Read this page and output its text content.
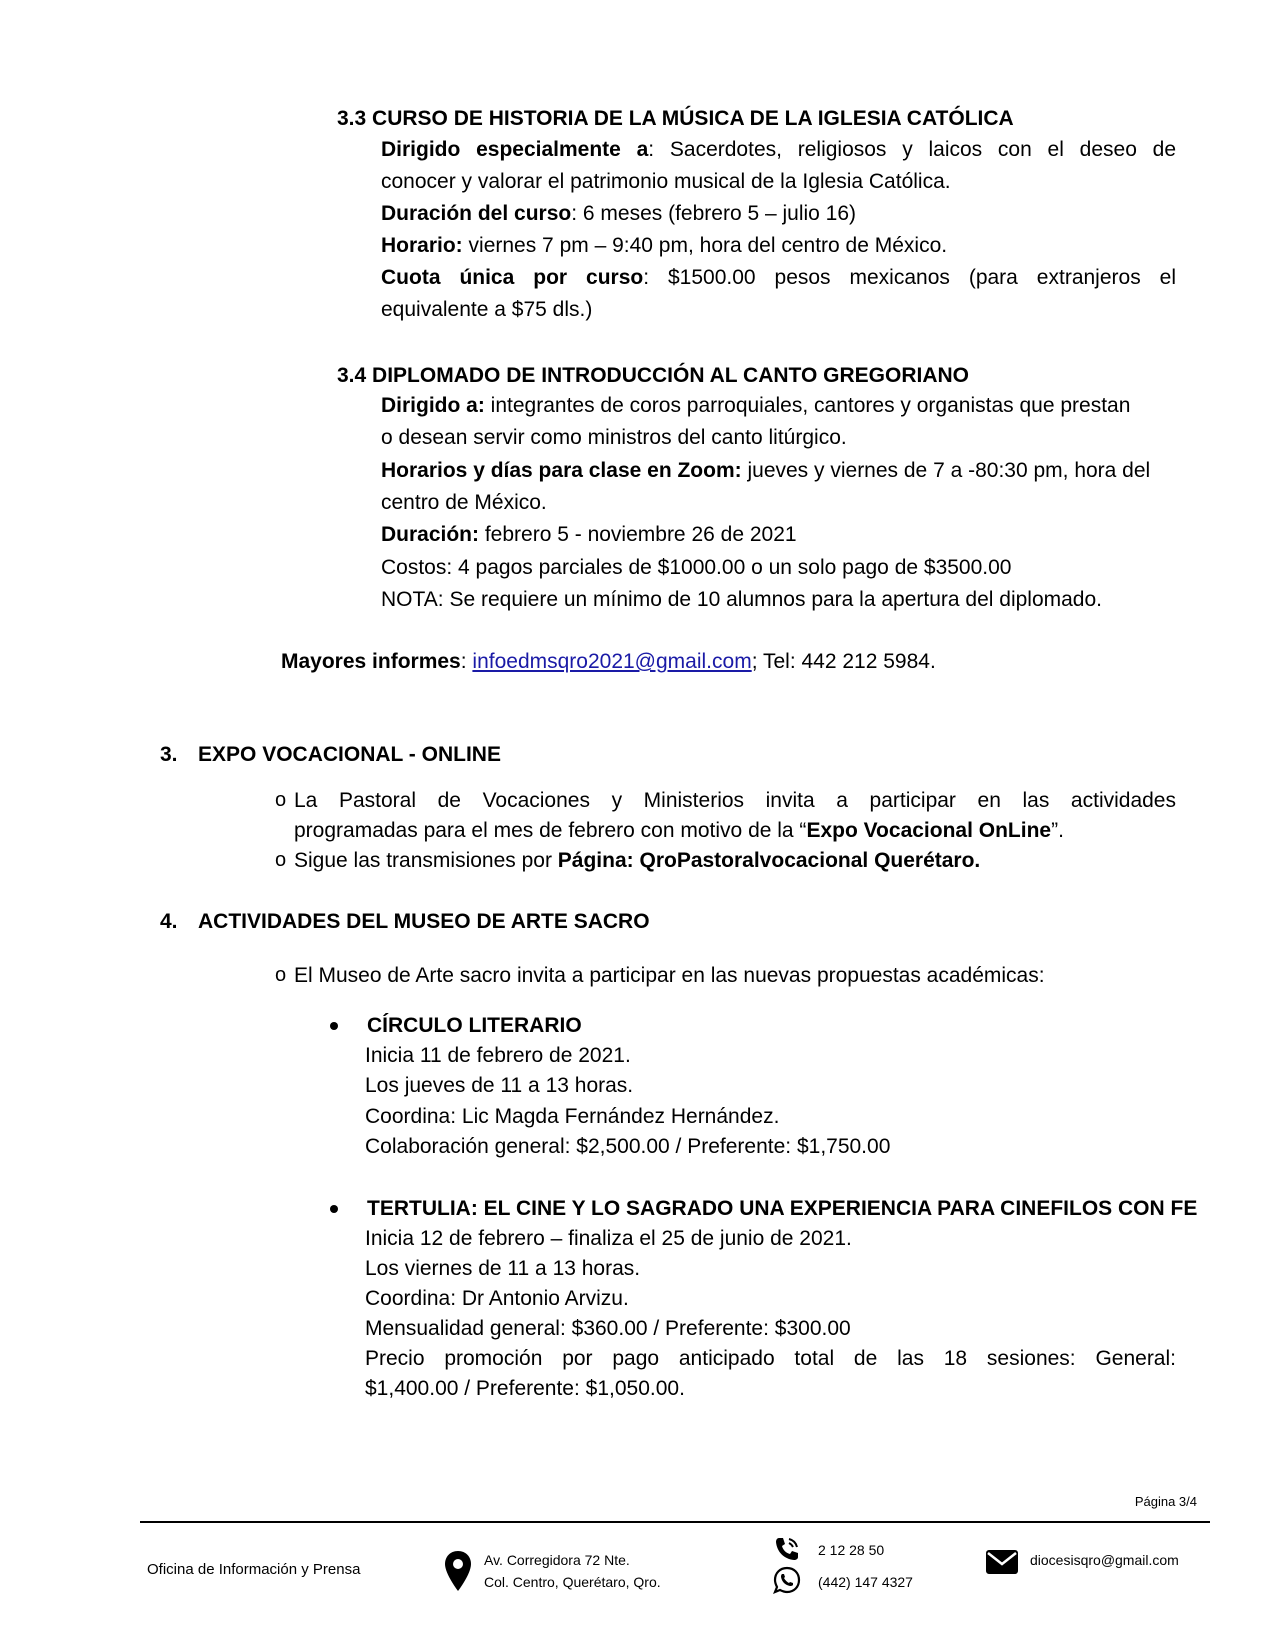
3.3 CURSO DE HISTORIA DE LA MÚSICA DE LA IGLESIA CATÓLICA
Dirigido especialmente a: Sacerdotes, religiosos y laicos con el deseo de
conocer y valorar el patrimonio musical de la Iglesia Católica.
Duración del curso: 6 meses (febrero 5 – julio 16)
Horario: viernes 7 pm – 9:40 pm, hora del centro de México.
Cuota única por curso: $1500.00 pesos mexicanos (para extranjeros el
equivalente a $75 dls.)
3.4 DIPLOMADO DE INTRODUCCIÓN AL CANTO GREGORIANO
Dirigido a: integrantes de coros parroquiales, cantores y organistas que prestan
o desean servir como ministros del canto litúrgico.
Horarios y días para clase en Zoom: jueves y viernes de 7 a -80:30 pm, hora del
centro de México.
Duración: febrero 5 - noviembre 26 de 2021
Costos: 4 pagos parciales de $1000.00 o un solo pago de $3500.00
NOTA: Se requiere un mínimo de 10 alumnos para la apertura del diplomado.
Mayores informes: infoedmsqro2021@gmail.com; Tel: 442 212 5984.
3. EXPO VOCACIONAL - ONLINE
o La Pastoral de Vocaciones y Ministerios invita a participar en las actividades
programadas para el mes de febrero con motivo de la “Expo Vocacional OnLine”.
o Sigue las transmisiones por Página: QroPastoralvocacional Querétaro.
4. ACTIVIDADES DEL MUSEO DE ARTE SACRO
o El Museo de Arte sacro invita a participar en las nuevas propuestas académicas:
CÍRCULO LITERARIO
Inicia 11 de febrero de 2021.
Los jueves de 11 a 13 horas.
Coordina: Lic Magda Fernández Hernández.
Colaboración general: $2,500.00 / Preferente: $1,750.00
TERTULIA: EL CINE Y LO SAGRADO UNA EXPERIENCIA PARA CINEFILOS CON FE
Inicia 12 de febrero – finaliza el 25 de junio de 2021.
Los viernes de 11 a 13 horas.
Coordina: Dr Antonio Arvizu.
Mensualidad general: $360.00 / Preferente: $300.00
Precio promoción por pago anticipado total de las 18 sesiones: General:
$1,400.00 / Preferente: $1,050.00.
Página 3/4
Oficina de Información y Prensa
Av. Corregidora 72 Nte.
Col. Centro, Querétaro, Qro.
2 12 28 50
(442) 147 4327
diocesisqro@gmail.com
